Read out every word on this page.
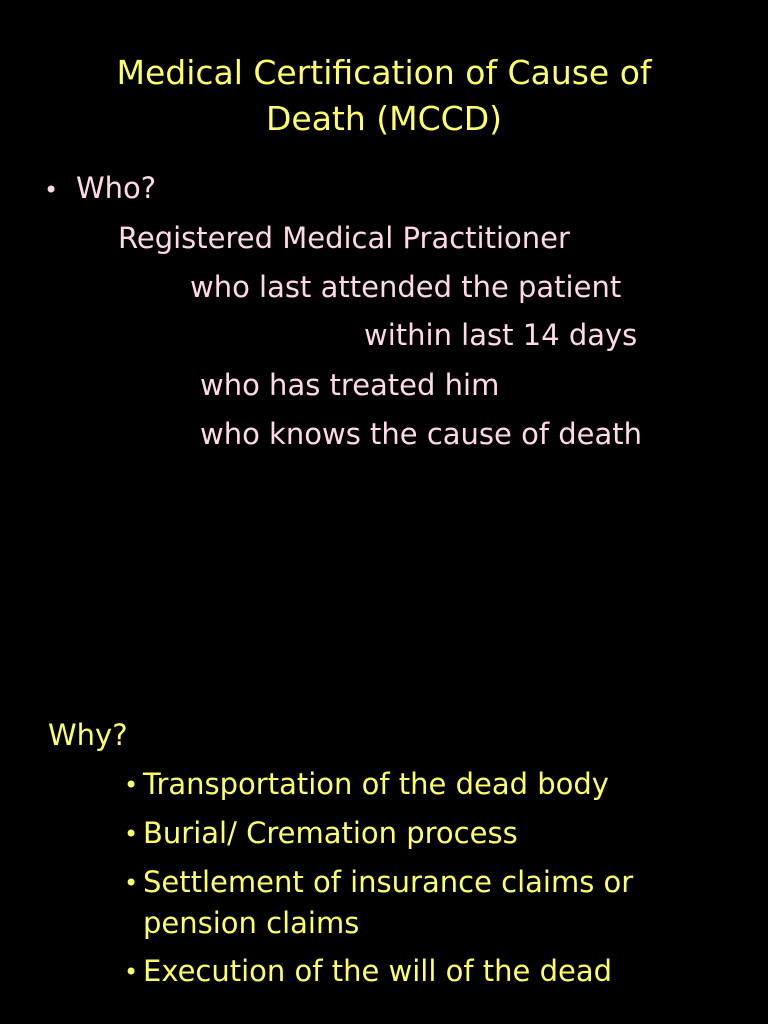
Medical Certification of Cause of
Death (MCCD)
• Who?
Registered Medical Practitioner
who last attended the patient
within last 14 days
who has treated him
who knows the cause of death
Why?
• Transportation of the dead body
• Burial/ Cremation process
• Settlement of insurance claims or
pension claims
• Execution of the will of the dead
